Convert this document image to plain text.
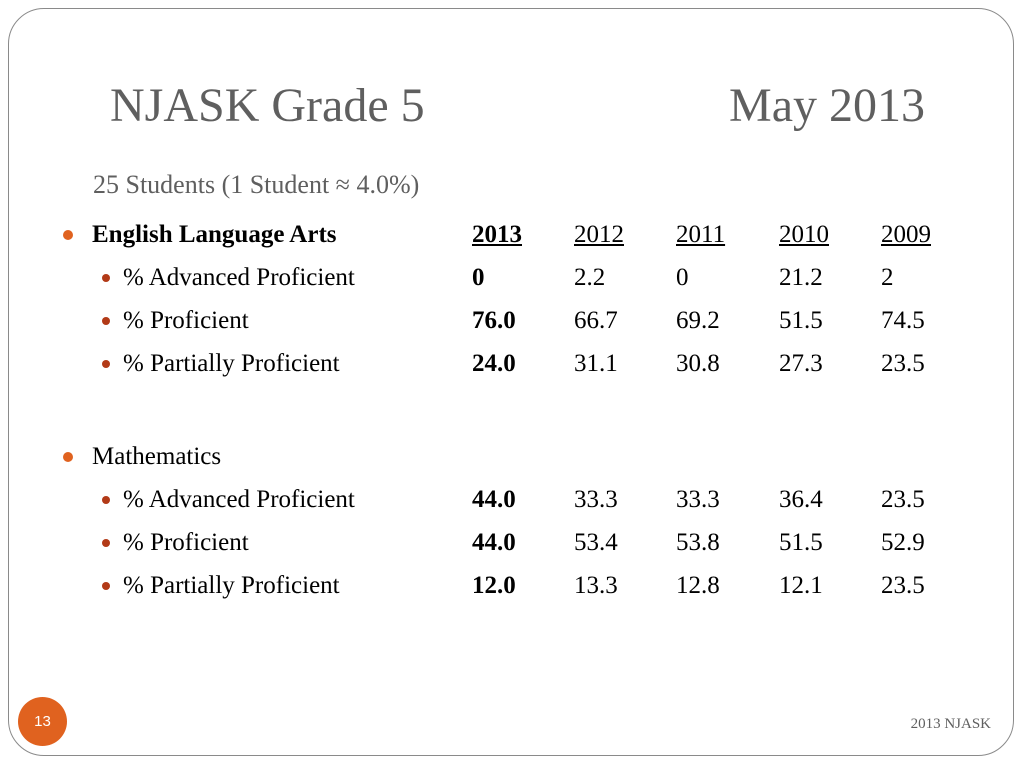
NJASK Grade 5	May 2013
25 Students (1 Student ≈ 4.0%)
English Language Arts	2013 2012 2011 2010 2009
% Advanced Proficient	0	2.2	0	21.2 2
% Proficient	76.0 66.7 69.2 51.5 74.5
% Partially Proficient	24.0 31.1 30.8 27.3 23.5
Mathematics
% Advanced Proficient	44.0 33.3 33.3 36.4 23.5
% Proficient	44.0 53.4 53.8 51.5 52.9
% Partially Proficient	12.0 13.3 12.8 12.1 23.5
13	2013 NJASK
